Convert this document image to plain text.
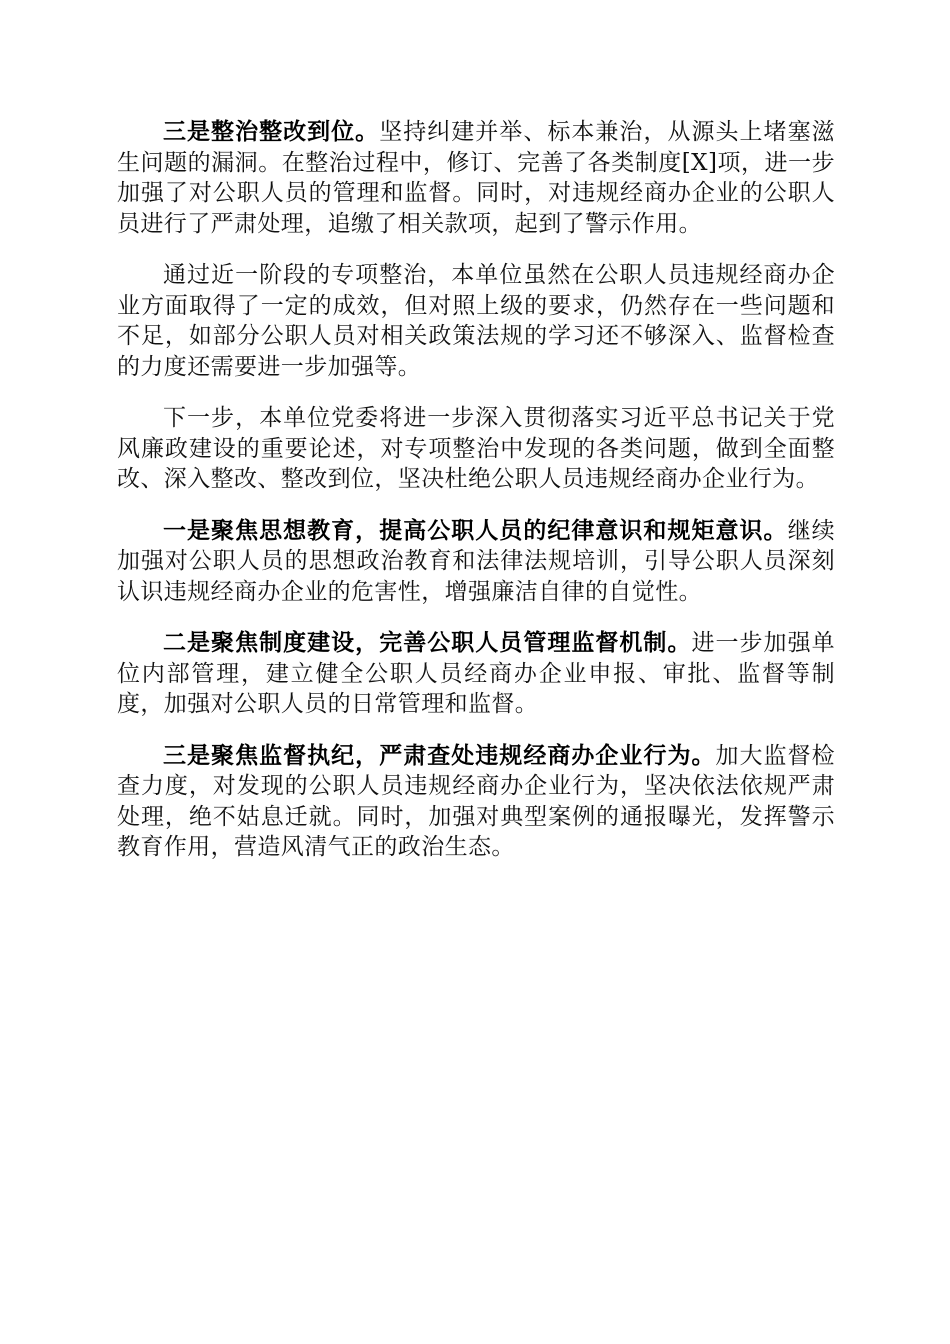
三是整治整改到位。坚持纠建并举、标本兼治，从源头上堵塞滋生问题的漏洞。在整治过程中，修订、完善了各类制度[X]项，进一步加强了对公职人员的管理和监督。同时，对违规经商办企业的公职人员进行了严肃处理，追缴了相关款项，起到了警示作用。

通过近一阶段的专项整治，本单位虽然在公职人员违规经商办企业方面取得了一定的成效，但对照上级的要求，仍然存在一些问题和不足，如部分公职人员对相关政策法规的学习还不够深入、监督检查的力度还需要进一步加强等。

下一步，本单位党委将进一步深入贯彻落实习近平总书记关于党风廉政建设的重要论述，对专项整治中发现的各类问题，做到全面整改、深入整改、整改到位，坚决杜绝公职人员违规经商办企业行为。

一是聚焦思想教育，提高公职人员的纪律意识和规矩意识。继续加强对公职人员的思想政治教育和法律法规培训，引导公职人员深刻认识违规经商办企业的危害性，增强廉洁自律的自觉性。

二是聚焦制度建设，完善公职人员管理监督机制。进一步加强单位内部管理，建立健全公职人员经商办企业申报、审批、监督等制度，加强对公职人员的日常管理和监督。

三是聚焦监督执纪，严肃查处违规经商办企业行为。加大监督检查力度，对发现的公职人员违规经商办企业行为，坚决依法依规严肃处理，绝不姑息迁就。同时，加强对典型案例的通报曝光，发挥警示教育作用，营造风清气正的政治生态。
